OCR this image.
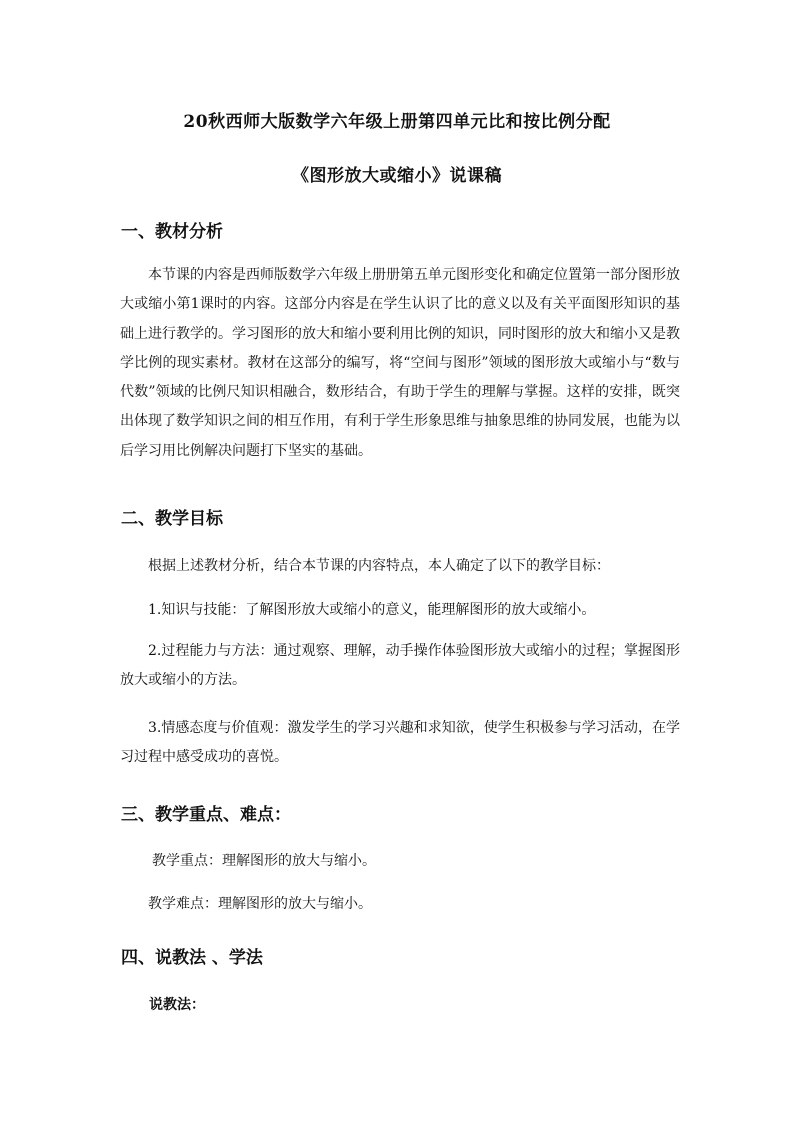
20秋西师大版数学六年级上册第四单元比和按比例分配
《图形放大或缩小》说课稿
一、教材分析
本节课的内容是西师版数学六年级上册册第五单元图形变化和确定位置第一部分图形放大或缩小第1课时的内容。这部分内容是在学生认识了比的意义以及有关平面图形知识的基础上进行教学的。学习图形的放大和缩小要利用比例的知识，同时图形的放大和缩小又是教学比例的现实素材。教材在这部分的编写，将“空间与图形”领域的图形放大或缩小与“数与代数”领域的比例尺知识相融合，数形结合，有助于学生的理解与掌握。这样的安排，既突出体现了数学知识之间的相互作用，有利于学生形象思维与抽象思维的协同发展，也能为以后学习用比例解决问题打下坚实的基础。
二、教学目标
根据上述教材分析，结合本节课的内容特点，本人确定了以下的教学目标：
1.知识与技能：了解图形放大或缩小的意义，能理解图形的放大或缩小。
2.过程能力与方法：通过观察、理解，动手操作体验图形放大或缩小的过程；掌握图形放大或缩小的方法。
3.情感态度与价值观：激发学生的学习兴趣和求知欲，使学生积极参与学习活动，在学习过程中感受成功的喜悦。
三、教学重点、难点：
教学重点：理解图形的放大与缩小。
教学难点：理解图形的放大与缩小。
四、说教法 、学法
说教法：
